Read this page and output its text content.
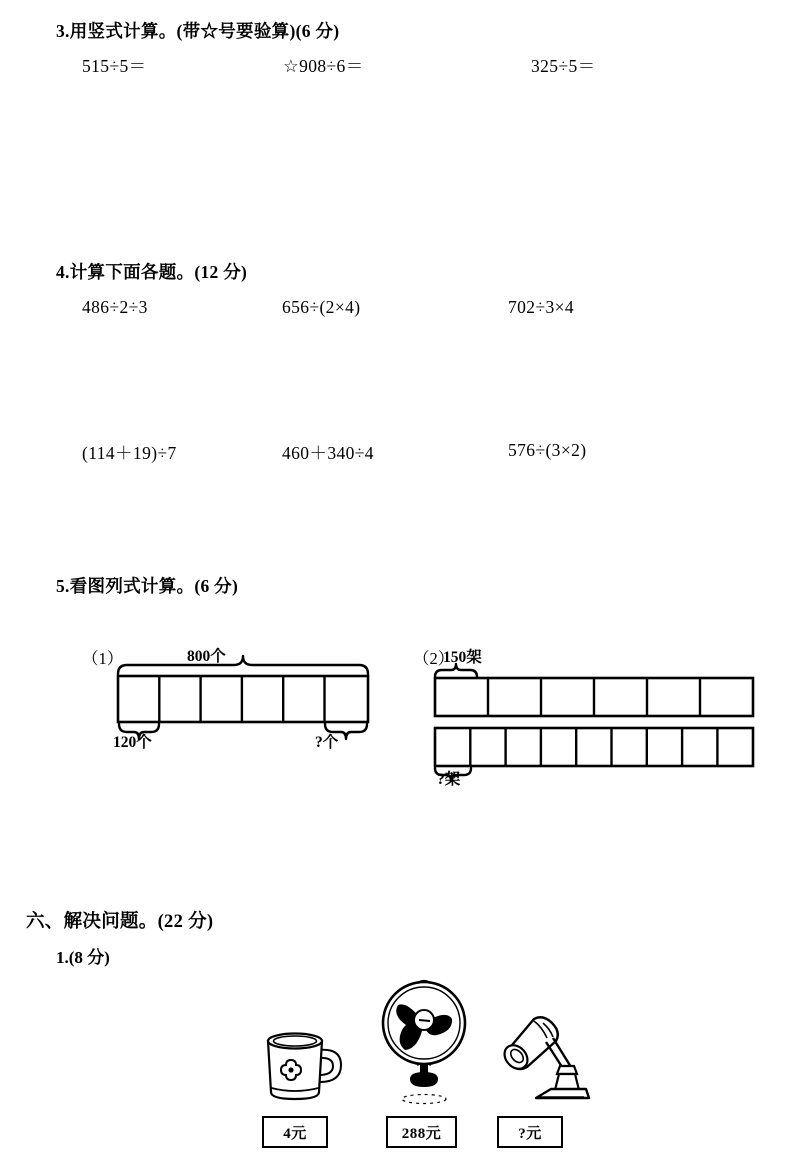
3.用竖式计算。(带☆号要验算)(6 分)
515÷5＝	☆908÷6＝	325÷5＝
4.计算下面各题。(12 分)
486÷2÷3	656÷(2×4)	702÷3×4
(114＋19)÷7	460＋340÷4	576÷(3×2)
5.看图列式计算。(6 分)
（1）	800个
120个	?个
（2）
150架
?架
六、解决问题。(22 分)
1.(8 分)
4元	288元	?元
